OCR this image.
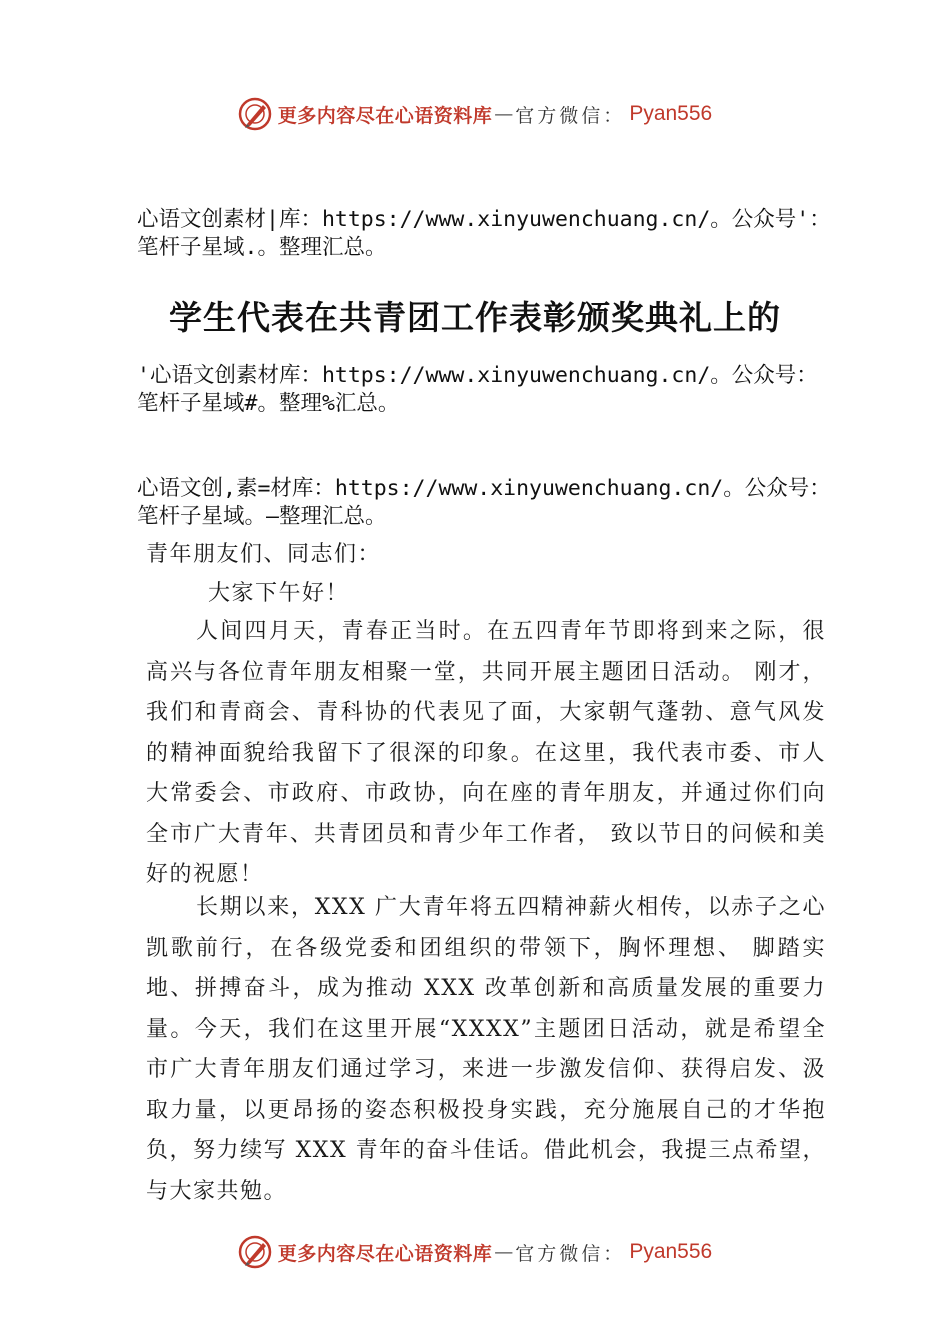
更多内容尽在心语资料库 — 官方微信： Pyan556
心语文创素材|库：https://www.xinyuwenchuang.cn/。公众号'：笔杆子星域.。整理汇总。
学生代表在共青团工作表彰颁奖典礼上的
'心语文创素材库：https://www.xinyuwenchuang.cn/。公众号：笔杆子星域#。整理%汇总。
心语文创,素=材库：https://www.xinyuwenchuang.cn/。公众号：笔杆子星域。—整理汇总。
青年朋友们、同志们：
大家下午好！
人间四月天，青春正当时。在五四青年节即将到来之际，很高兴与各位青年朋友相聚一堂，共同开展主题团日活动。 刚才，我们和青商会、青科协的代表见了面，大家朝气蓬勃、意气风发的精神面貌给我留下了很深的印象。在这里，我代表市委、市人大常委会、市政府、市政协，向在座的青年朋友，并通过你们向全市广大青年、共青团员和青少年工作者， 致以节日的问候和美好的祝愿！
长期以来，XXX 广大青年将五四精神薪火相传，以赤子之心凯歌前行，在各级党委和团组织的带领下，胸怀理想、 脚踏实地、拼搏奋斗，成为推动 XXX 改革创新和高质量发展的重要力量。今天，我们在这里开展“XXXX”主题团日活动，就是希望全市广大青年朋友们通过学习，来进一步激发信仰、获得启发、汲取力量，以更昂扬的姿态积极投身实践，充分施展自己的才华抱负，努力续写 XXX 青年的奋斗佳话。借此机会，我提三点希望，与大家共勉。
更多内容尽在心语资料库 — 官方微信： Pyan556
